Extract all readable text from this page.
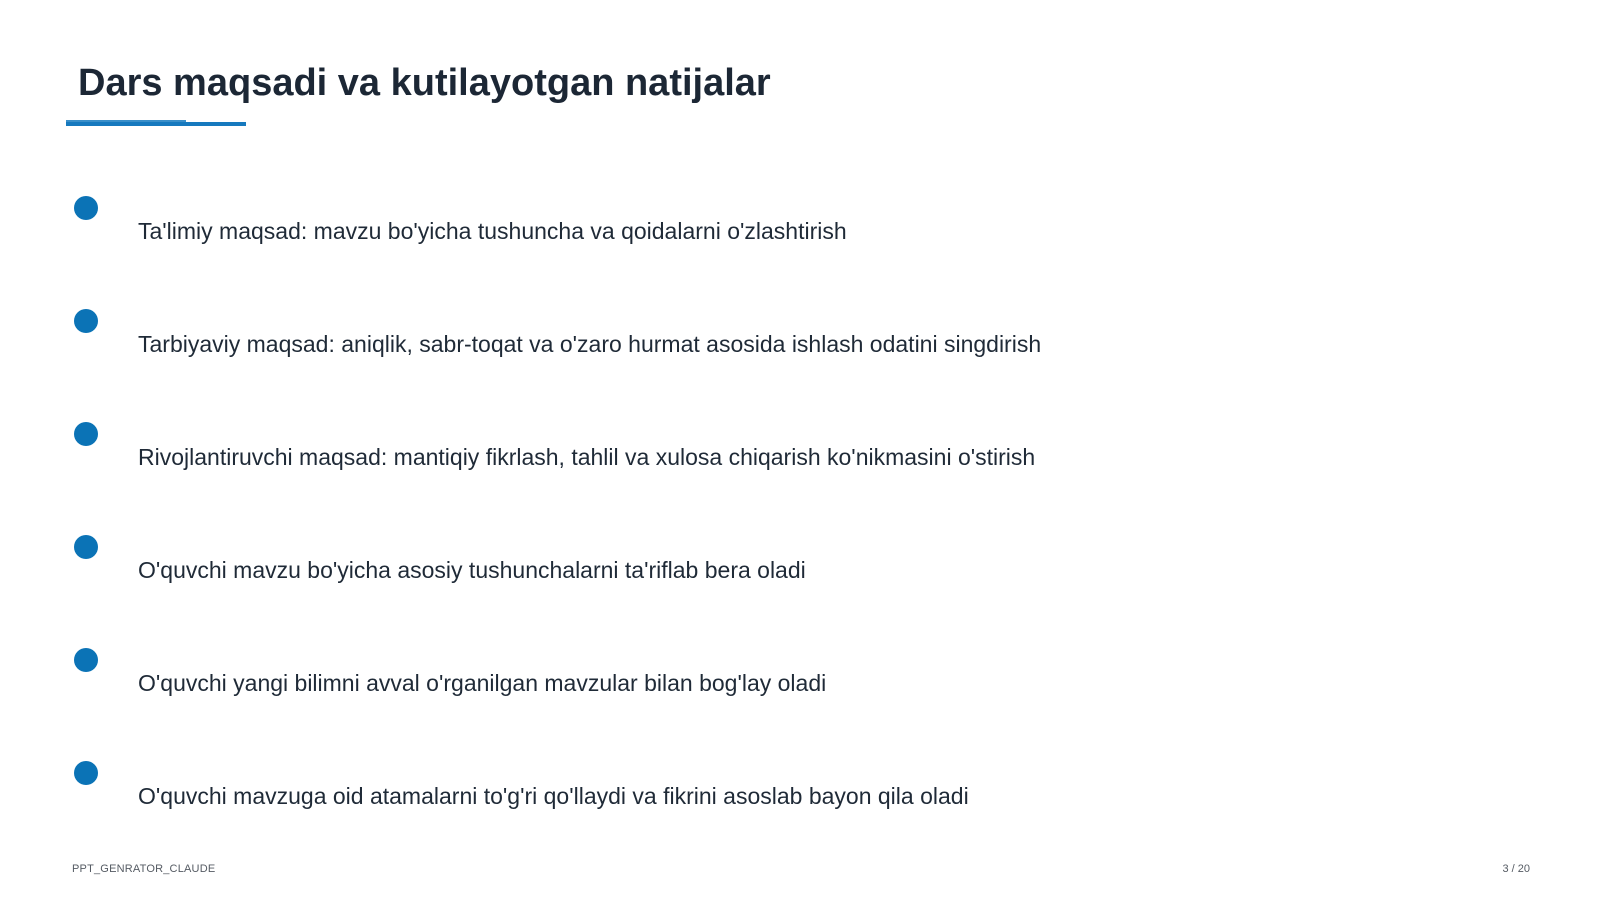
Dars maqsadi va kutilayotgan natijalar
Ta'limiy maqsad: mavzu bo'yicha tushuncha va qoidalarni o'zlashtirish
Tarbiyaviy maqsad: aniqlik, sabr-toqat va o'zaro hurmat asosida ishlash odatini singdirish
Rivojlantiruvchi maqsad: mantiqiy fikrlash, tahlil va xulosa chiqarish ko'nikmasini o'stirish
O'quvchi mavzu bo'yicha asosiy tushunchalarni ta'riflab bera oladi
O'quvchi yangi bilimni avval o'rganilgan mavzular bilan bog'lay oladi
O'quvchi mavzuga oid atamalarni to'g'ri qo'llaydi va fikrini asoslab bayon qila oladi
PPT_GENRATOR_CLAUDE	3 / 20
